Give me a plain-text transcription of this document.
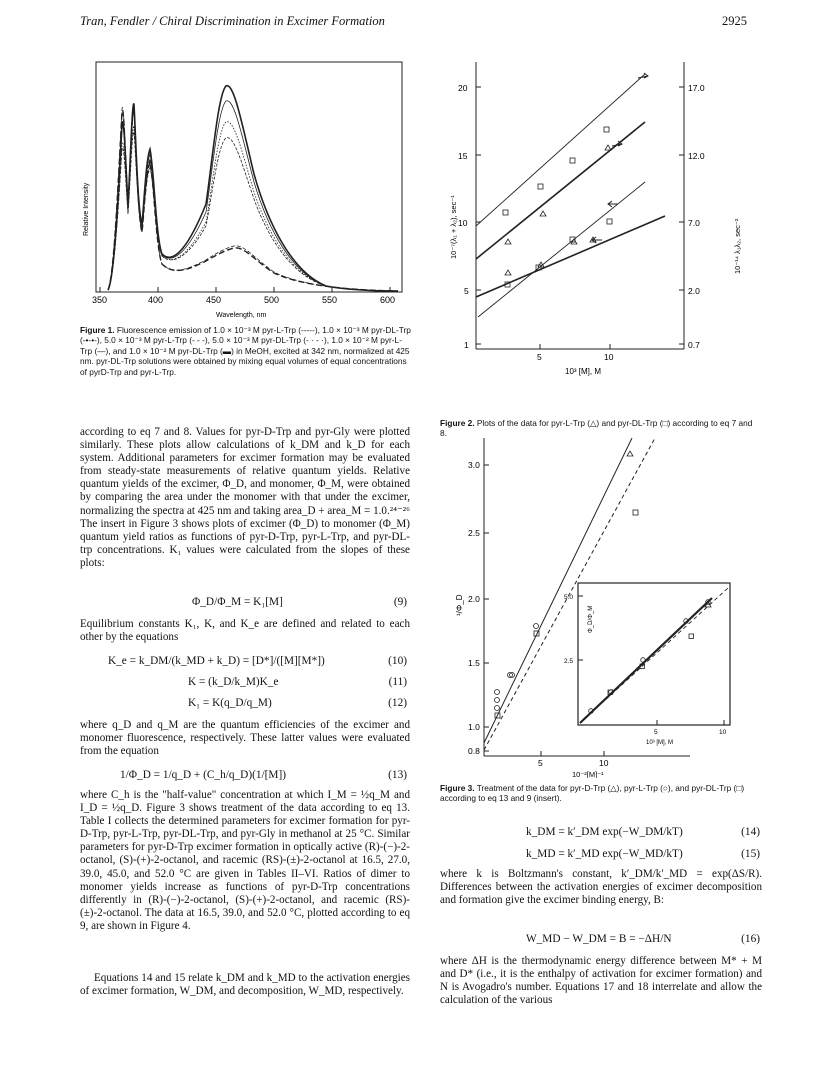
Tran, Fendler / Chiral Discrimination in Excimer Formation	2925
350	400	450	500	550	600
Wavelength, nm
Relative Intensity
Figure 1. Fluorescence emission of 1.0 × 10⁻³ M pyr-L-Trp (-----), 1.0 × 10⁻³ M pyr-DL-Trp (-•-•-), 5.0 × 10⁻³ M pyr-L-Trp (- - -), 5.0 × 10⁻³ M pyr-DL-Trp (- · - ·), 1.0 × 10⁻² M pyr-L-Trp (—), and 1.0 × 10⁻² M pyr-DL-Trp (▬) in MeOH, excited at 342 nm, normalized at 425 nm. pyr-DL-Trp solutions were obtained by mixing equal volumes of equal concentrations of pyrD-Trp and pyr-L-Trp.
20
15
10
5
1
17.0
12.0
7.0
2.0
0.7
5	10
10³ [M], M
10⁻⁷(λ₁ + λ₂), sec⁻¹	10⁻¹⁴ λ₁λ₂, sec⁻²
Figure 2. Plots of the data for pyr-L-Trp (△) and pyr-DL-Trp (□) according to eq 7 and 8.
3.0
2.5
2.0
1.5
1.0
0.8
5	10
10⁻²[M]⁻¹
¹/Φ_D	5.0
2.5
5	10
10³ [M], M
Φ_D/Φ_M
Figure 3. Treatment of the data for pyr-D-Trp (△), pyr-L-Trp (○), and pyr-DL-Trp (□) according to eq 13 and 9 (insert).
according to eq 7 and 8. Values for pyr-D-Trp and pyr-Gly were plotted similarly. These plots allow calculations of k_DM and k_D for each system. Additional parameters for excimer formation may be evaluated from steady-state measurements of relative quantum yields. Relative quantum yields of the excimer, Φ_D, and monomer, Φ_M, were obtained by comparing the area under the monomer with that under the excimer, normalizing the spectra at 425 nm and taking area_D + area_M = 1.0.²⁴⁻²⁶ The insert in Figure 3 shows plots of excimer (Φ_D) to monomer (Φ_M) quantum yield ratios as functions of pyr-D-Trp, pyr-L-Trp, and pyr-DL-trp concentrations. K₁ values were calculated from the slopes of these plots:
Φ_D/Φ_M = K₁[M]	(9)
Equilibrium constants K₁, K, and K_e are defined and related to each other by the equations
K_e = k_DM/(k_MD + k_D) = [D*]/([M][M*])	(10)
K = (k_D/k_M)K_e	(11)
K₁ = K(q_D/q_M)	(12)
where q_D and q_M are the quantum efficiencies of the excimer and monomer fluorescence, respectively. These latter values were evaluated from the equation
1/Φ_D = 1/q_D + (C_h/q_D)(1/[M])	(13)
where C_h is the "half-value" concentration at which I_M = ½q_M and I_D = ½q_D. Figure 3 shows treatment of the data according to eq 13. Table I collects the determined parameters for excimer formation for pyr-D-Trp, pyr-L-Trp, pyr-DL-Trp, and pyr-Gly in methanol at 25 °C. Similar parameters for pyr-D-Trp excimer formation in optically active (R)-(−)-2-octanol, (S)-(+)-2-octanol, and racemic (RS)-(±)-2-octanol at 16.5, 27.0, 39.0, 45.0, and 52.0 °C are given in Tables II–VI. Ratios of dimer to monomer yields increase as functions of pyr-D-Trp concentrations differently in (R)-(−)-2-octanol, (S)-(+)-2-octanol, and racemic (RS)-(±)-2-octanol. The data at 16.5, 39.0, and 52.0 °C, plotted according to eq 9, are shown in Figure 4.
Equations 14 and 15 relate k_DM and k_MD to the activation energies of excimer formation, W_DM, and decomposition, W_MD, respectively.
k_DM = k′_DM exp(−W_DM/kT)	(14)
k_MD = k′_MD exp(−W_MD/kT)	(15)
where k is Boltzmann's constant, k′_DM/k′_MD = exp(ΔS/R). Differences between the activation energies of excimer decomposition and formation give the excimer binding energy, B:
W_MD − W_DM = B = −ΔH/N	(16)
where ΔH is the thermodynamic energy difference between M* + M and D* (i.e., it is the enthalpy of activation for excimer formation) and N is Avogadro's number. Equations 17 and 18 interrelate and allow the calculation of the various
